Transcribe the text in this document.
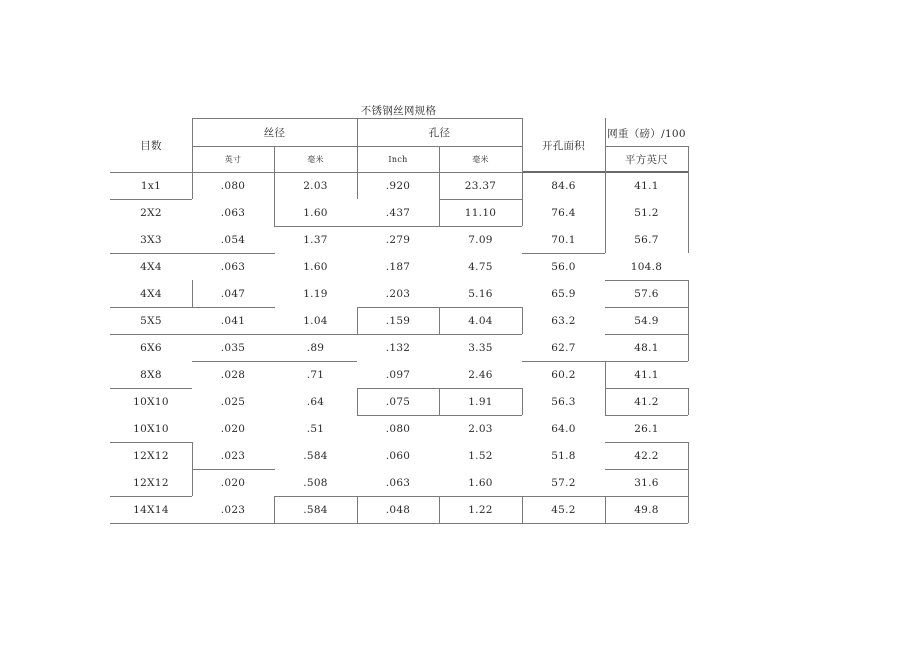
不锈钢丝网规格
目数
丝径	孔径
开孔面积
网重（磅）/100
平方英尺
英寸	毫米	Inch	毫米
1x1	.080	2.03	.920	23.37	84.6	41.1
2X2	.063	1.60	.437	11.10	76.4	51.2
3X3	.054	1.37	.279	7.09	70.1	56.7
4X4	.063	1.60	.187	4.75	56.0	104.8
4X4	.047	1.19	.203	5.16	65.9	57.6
5X5	.041	1.04	.159	4.04	63.2	54.9
6X6	.035	.89	.132	3.35	62.7	48.1
8X8	.028	.71	.097	2.46	60.2	41.1
10X10	.025	.64	.075	1.91	56.3	41.2
10X10	.020	.51	.080	2.03	64.0	26.1
12X12	.023	.584	.060	1.52	51.8	42.2
12X12	.020	.508	.063	1.60	57.2	31.6
14X14	.023	.584	.048	1.22	45.2	49.8
